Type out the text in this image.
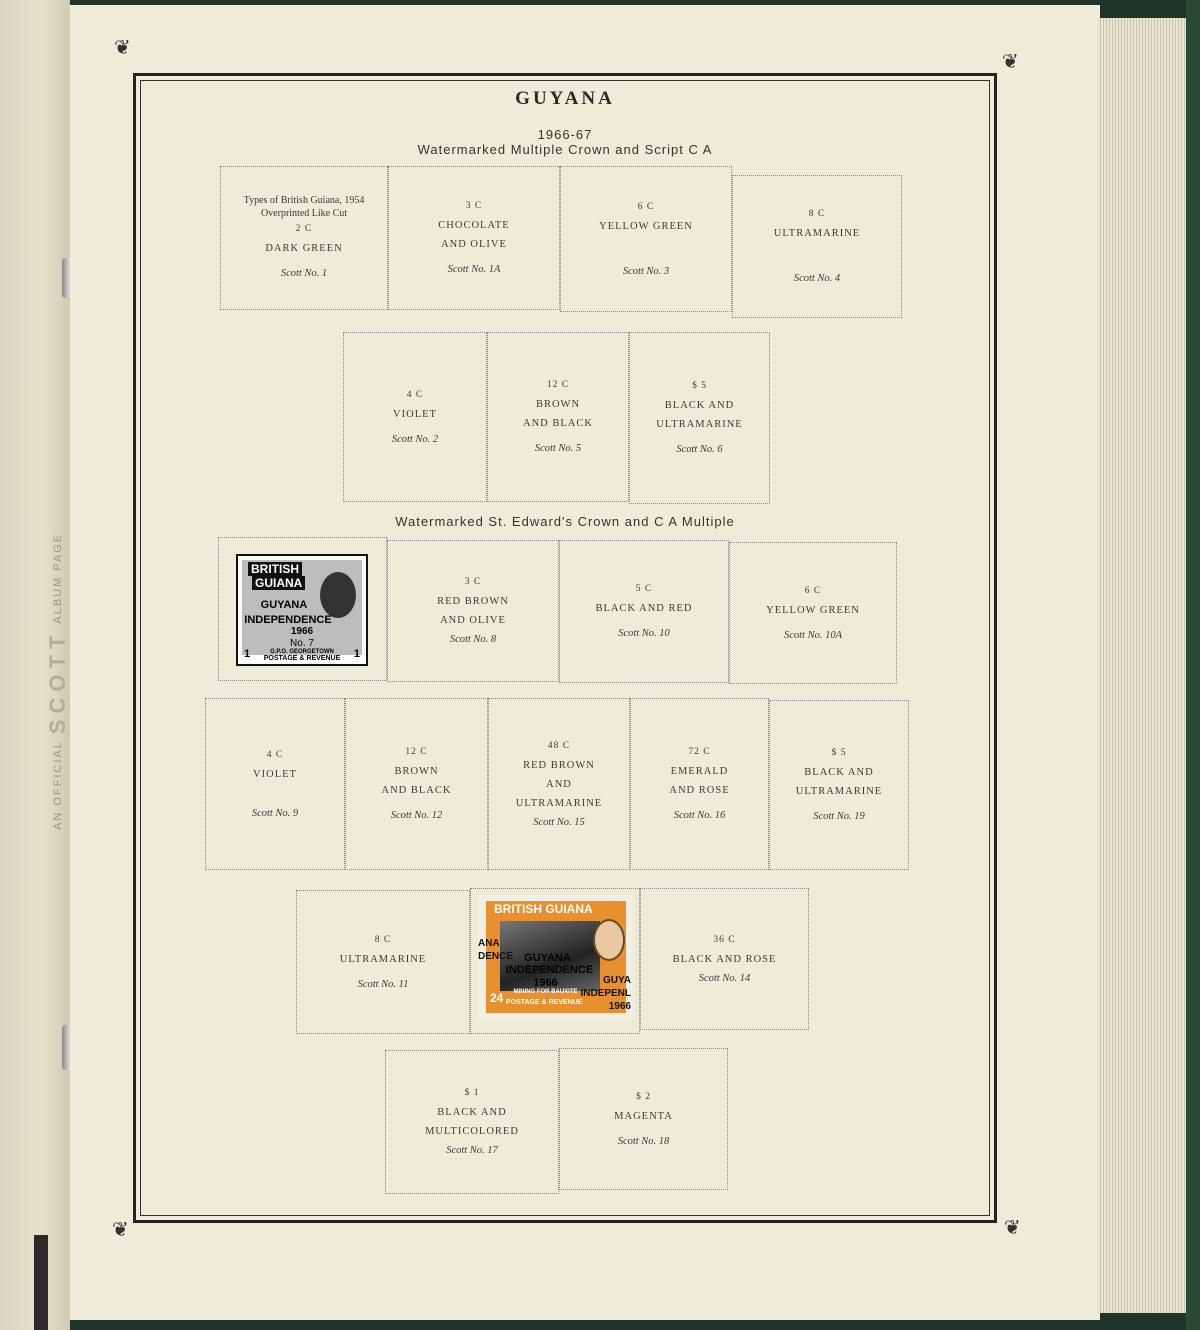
AN OFFICIALSCOTTALBUM PAGE
❦
❦
❦	❦
GUYANA
1966-67
Watermarked Multiple Crown and Script C A
Watermarked St. Edward's Crown and C A Multiple
Types of British Guiana, 1954 Overprinted Like Cut
2 C
DARK GREEN
Scott No. 1
3 C
CHOCOLATE
AND OLIVE
Scott No. 1A
6 C
YELLOW GREEN
Scott No. 3
8 C
ULTRAMARINE
Scott No. 4
4 C
VIOLET
Scott No. 2
12 C
BROWN
AND BLACK
Scott No. 5
$ 5
BLACK AND
ULTRAMARINE
Scott No. 6
BRITISH
GUIANA
GUYANA
INDEPENDENCE
1966
No. 7
G.P.O. GEORGETOWN
POSTAGE & REVENUE
1	1
3 C
RED BROWN
AND OLIVE
Scott No. 8
5 C
BLACK AND RED
Scott No. 10
6 C
YELLOW GREEN
Scott No. 10A
4 C
VIOLET
Scott No. 9
12 C
BROWN
AND BLACK
Scott No. 12
48 C
RED BROWN
AND
ULTRAMARINE
Scott No. 15
72 C
EMERALD
AND ROSE
Scott No. 16
$ 5
BLACK AND
ULTRAMARINE
Scott No. 19
8 C
ULTRAMARINE
Scott No. 11
BRITISH GUIANA
GUYANA
INDEPENDENCE
1966
ANA
DENCE
GUYA
INDEPENL
1966
MINING FOR BAUXITE
24 POSTAGE & REVENUE
36 C
BLACK AND ROSE
Scott No. 14
$ 1
BLACK AND
MULTICOLORED
Scott No. 17
$ 2
MAGENTA
Scott No. 18
